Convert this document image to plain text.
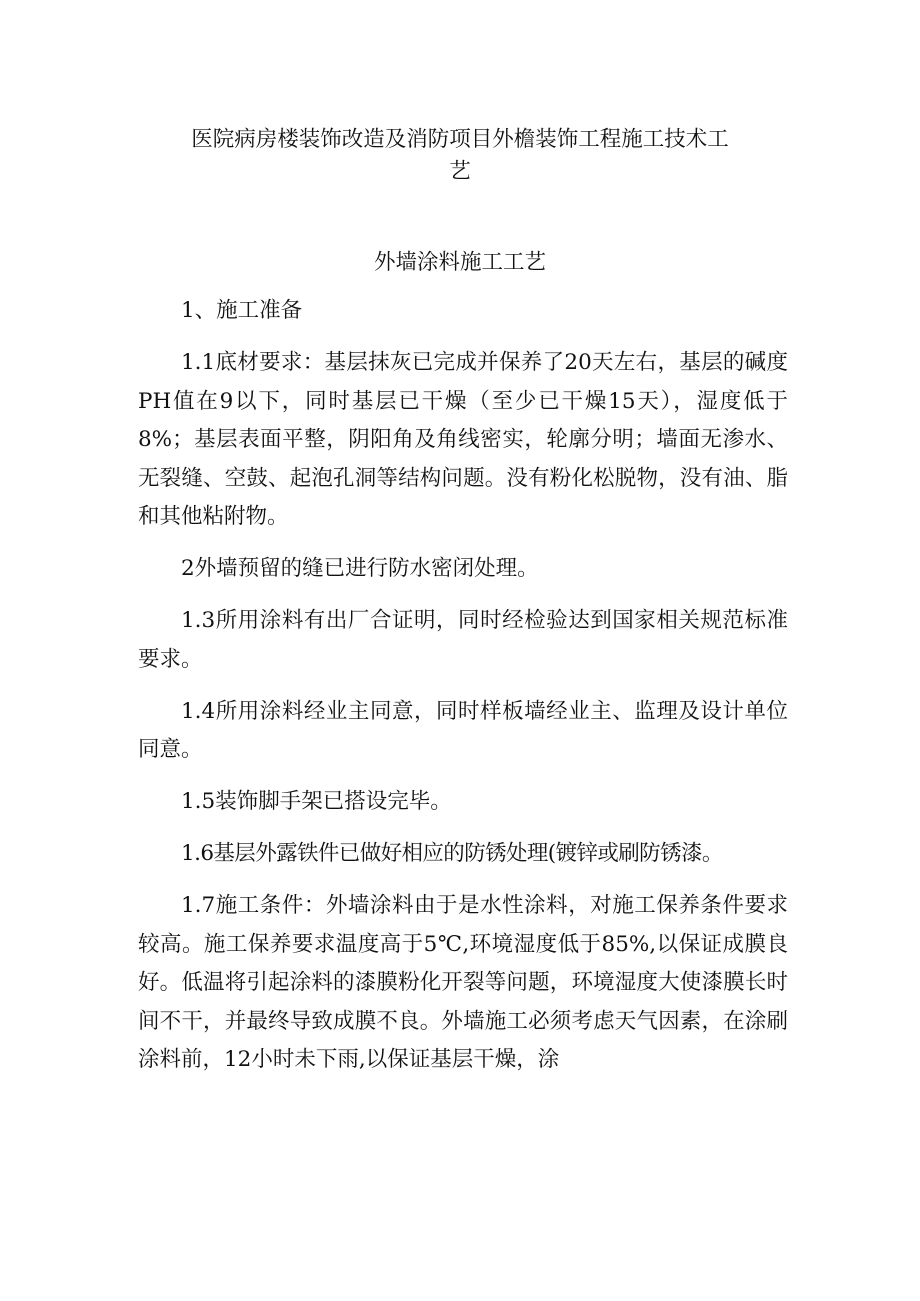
医院病房楼装饰改造及消防项目外檐装饰工程施工技术工
艺
外墙涂料施工工艺

1、施工准备

1.1底材要求：基层抹灰已完成并保养了20天左右，基层的碱度PH值在9以下，同时基层已干燥（至少已干燥15天），湿度低于8%；基层表面平整，阴阳角及角线密实，轮廓分明；墙面无渗水、无裂缝、空鼓、起泡孔洞等结构问题。没有粉化松脱物，没有油、脂和其他粘附物。

2外墙预留的缝已进行防水密闭处理。

1.3所用涂料有出厂合证明，同时经检验达到国家相关规范标准要求。

1.4所用涂料经业主同意，同时样板墙经业主、监理及设计单位同意。

1.5装饰脚手架已搭设完毕。

1.6基层外露铁件已做好相应的防锈处理(镀锌或刷防锈漆。

1.7施工条件：外墙涂料由于是水性涂料，对施工保养条件要求较高。施工保养要求温度高于5℃,环境湿度低于85%,以保证成膜良好。低温将引起涂料的漆膜粉化开裂等问题，环境湿度大使漆膜长时间不干，并最终导致成膜不良。外墙施工必须考虑天气因素，在涂刷涂料前，12小时未下雨,以保证基层干燥，涂
